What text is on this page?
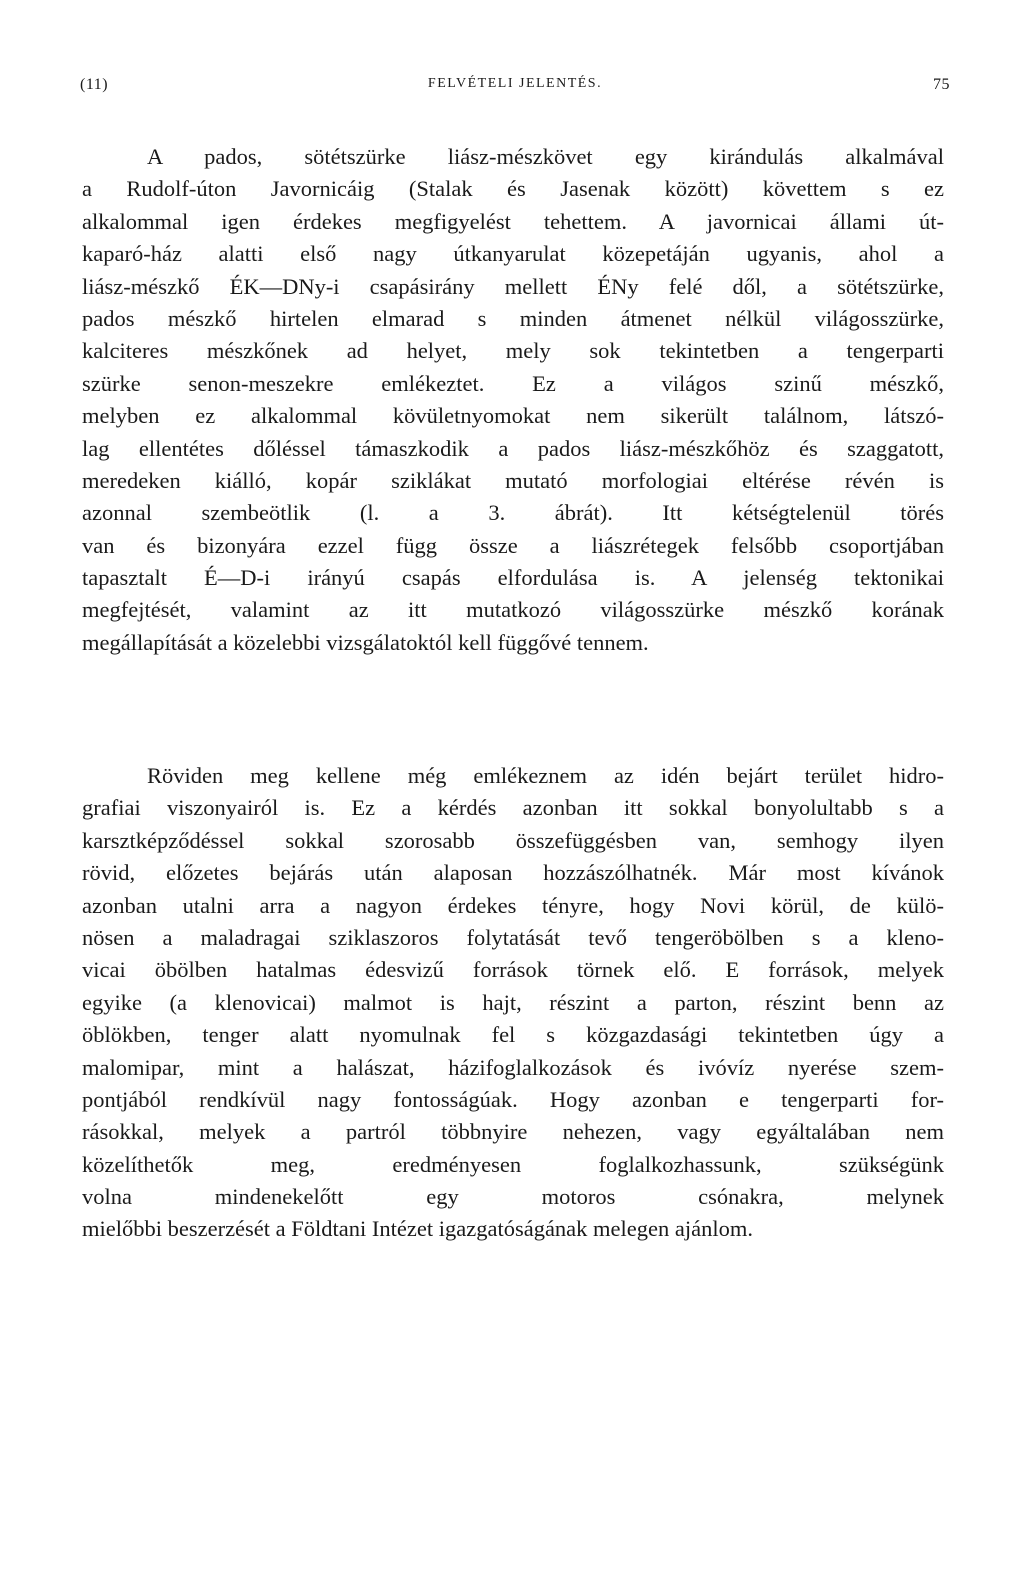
(11)	FELVÉTELI JELENTÉS.	75
A pados, sötétszürke liász-mészkövet egy kirándulás alkalmával
a Rudolf-úton Javornicáig (Stalak és Jasenak között) követtem s ez
alkalommal igen érdekes megfigyelést tehettem. A javornicai állami út-
kaparó-ház alatti első nagy útkanyarulat közepetáján ugyanis, ahol a
liász-mészkő ÉK—DNy-i csapásirány mellett ÉNy felé dől, a sötétszürke,
pados mészkő hirtelen elmarad s minden átmenet nélkül világosszürke,
kalciteres mészkőnek ad helyet, mely sok tekintetben a tengerparti
szürke senon-meszekre emlékeztet. Ez a világos szinű mészkő,
melyben ez alkalommal kövületnyomokat nem sikerült találnom, látszó-
lag ellentétes dőléssel támaszkodik a pados liász-mészkőhöz és szaggatott,
meredeken kiálló, kopár sziklákat mutató morfologiai eltérése révén is
azonnal szembeötlik (l. a 3. ábrát). Itt kétségtelenül törés
van és bizonyára ezzel függ össze a liászrétegek felsőbb csoportjában
tapasztalt É—D-i irányú csapás elfordulása is. A jelenség tektonikai
megfejtését, valamint az itt mutatkozó világosszürke mészkő korának
megállapítását a közelebbi vizsgálatoktól kell függővé tennem.
Röviden meg kellene még emlékeznem az idén bejárt terület hidro-
grafiai viszonyairól is. Ez a kérdés azonban itt sokkal bonyolultabb s a
karsztképződéssel sokkal szorosabb összefüggésben van, semhogy ilyen
rövid, előzetes bejárás után alaposan hozzászólhatnék. Már most kívánok
azonban utalni arra a nagyon érdekes tényre, hogy Novi körül, de külö-
nösen a maladragai sziklaszoros folytatását tevő tengeröbölben s a kleno-
vicai öbölben hatalmas édesvizű források törnek elő. E források, melyek
egyike (a klenovicai) malmot is hajt, részint a parton, részint benn az
öblökben, tenger alatt nyomulnak fel s közgazdasági tekintetben úgy a
malomipar, mint a halászat, házifoglalkozások és ivóvíz nyerése szem-
pontjából rendkívül nagy fontosságúak. Hogy azonban e tengerparti for-
rásokkal, melyek a partról többnyire nehezen, vagy egyáltalában nem
közelíthetők meg, eredményesen foglalkozhassunk, szükségünk
volna mindenekelőtt egy motoros csónakra, melynek
mielőbbi beszerzését a Földtani Intézet igazgatóságának melegen ajánlom.
